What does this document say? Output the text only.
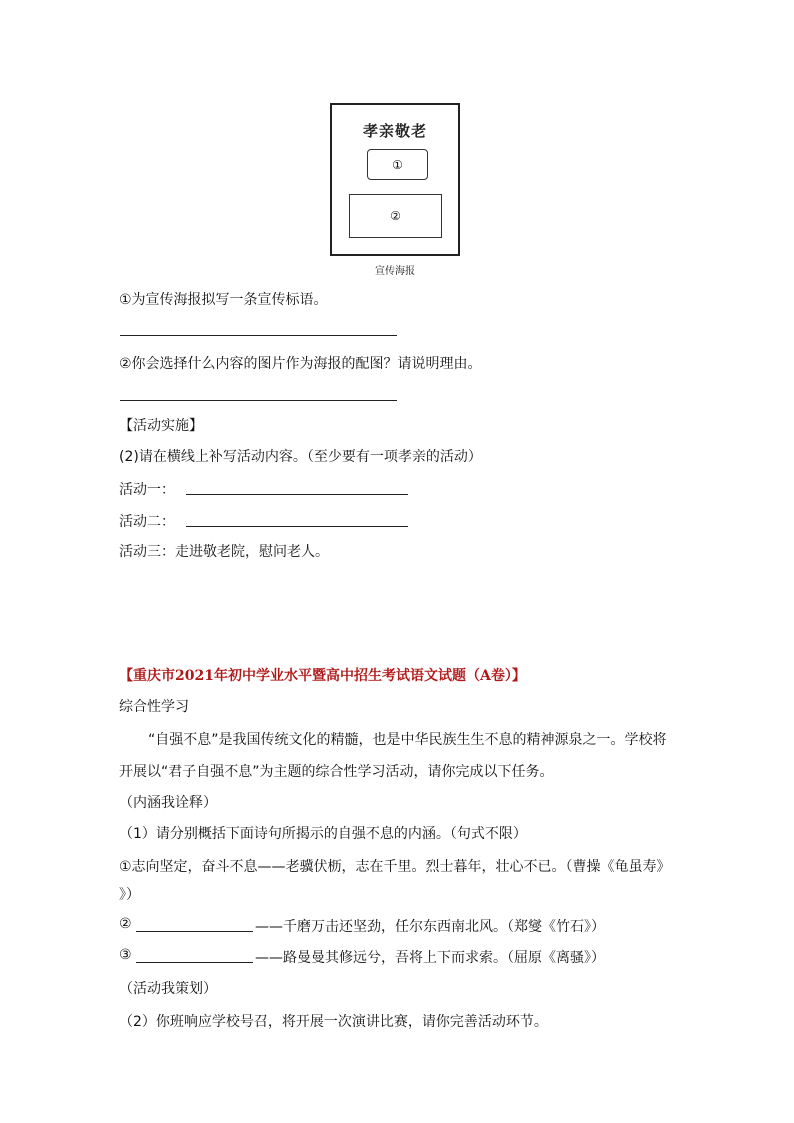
孝亲敬老
①
②
宣传海报
①为宣传海报拟写一条宣传标语。
②你会选择什么内容的图片作为海报的配图？请说明理由。
【活动实施】
(2)请在横线上补写活动内容。（至少要有一项孝亲的活动）
活动一：
活动二：
活动三：走进敬老院，慰问老人。
【重庆市2021年初中学业水平暨高中招生考试语文试题（A卷）】
综合性学习
“自强不息”是我国传统文化的精髓，也是中华民族生生不息的精神源泉之一。学校将
开展以“君子自强不息”为主题的综合性学习活动，请你完成以下任务。
（内涵我诠释）
（1）请分别概括下面诗句所揭示的自强不息的内涵。（句式不限）
①志向坚定，奋斗不息——老骥伏枥，志在千里。烈士暮年，壮心不已。（曹操《龟虽寿》
》）
②	——千磨万击还坚劲，任尔东西南北风。（郑燮《竹石》）
③	——路曼曼其修远兮，吾将上下而求索。（屈原《离骚》）
（活动我策划）
（2）你班响应学校号召，将开展一次演讲比赛，请你完善活动环节。
